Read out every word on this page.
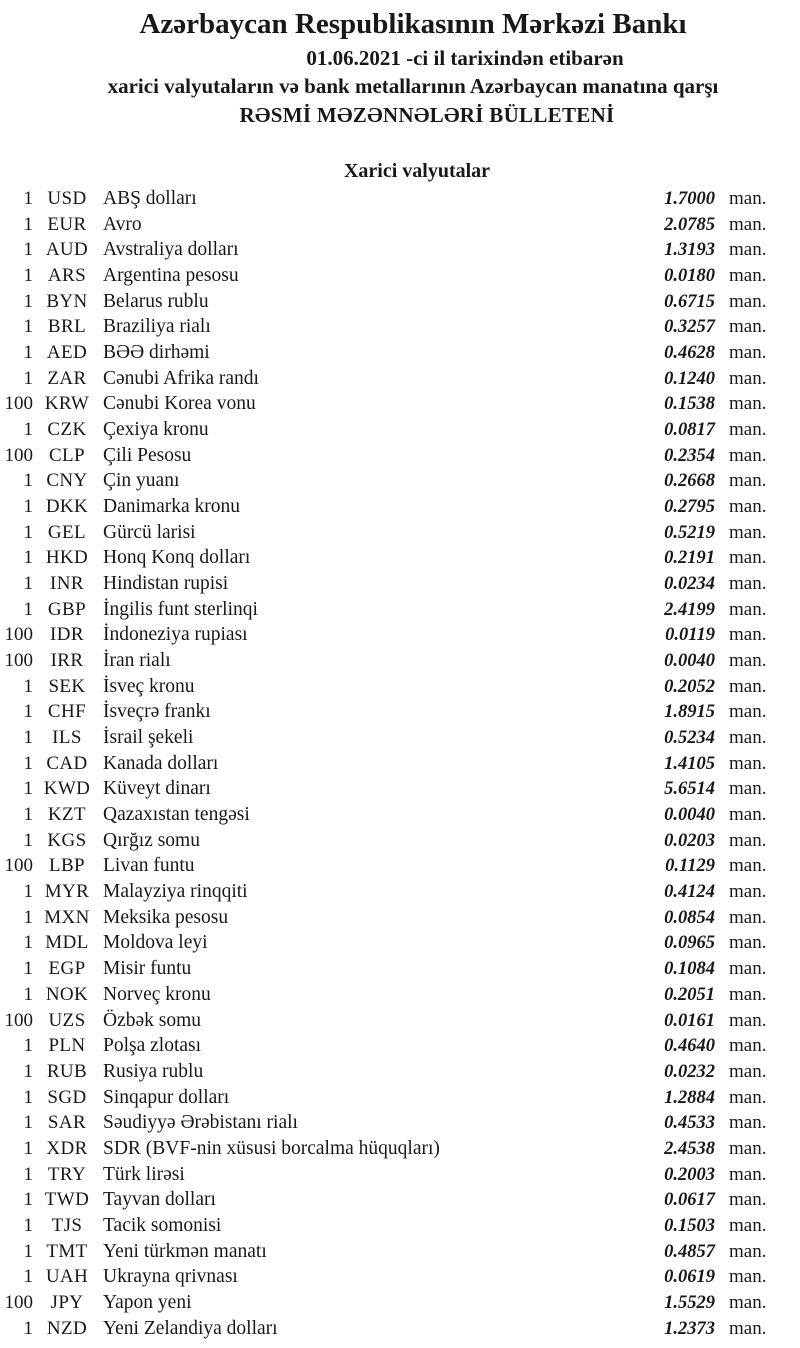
Azərbaycan Respublikasının Mərkəzi Bankı
01.06.2021 -ci il tarixindən etibarən
xarici valyutaların və bank metallarının Azərbaycan manatına qarşı
RƏSMİ MƏZƏNNƏLƏRİ BÜLLETENİ
Xarici valyutalar
1 USD ABŞ dolları	1.7000 man.
1 EUR Avro	2.0785 man.
1 AUD Avstraliya dolları	1.3193 man.
1 ARS Argentina pesosu	0.0180 man.
1 BYN Belarus rublu	0.6715 man.
1 BRL Braziliya rialı	0.3257 man.
1 AED BƏƏ dirhəmi	0.4628 man.
1 ZAR Cənubi Afrika randı	0.1240 man.
100 KRW Cənubi Korea vonu	0.1538 man.
1 CZK Çexiya kronu	0.0817 man.
100 CLP Çili Pesosu	0.2354 man.
1 CNY Çin yuanı	0.2668 man.
1 DKK Danimarka kronu	0.2795 man.
1 GEL Gürcü larisi	0.5219 man.
1 HKD Honq Konq dolları	0.2191 man.
1 INR Hindistan rupisi	0.0234 man.
1 GBP İngilis funt sterlinqi	2.4199 man.
100 IDR İndoneziya rupiası	0.0119 man.
100 IRR	İran rialı	0.0040 man.
1 SEK İsveç kronu	0.2052 man.
1 CHF İsveçrə frankı	1.8915 man.
1	ILS	İsrail şekeli	0.5234 man.
1 CAD Kanada dolları	1.4105 man.
1 KWD Küveyt dinarı	5.6514 man.
1 KZT Qazaxıstan tengəsi	0.0040 man.
1 KGS Qırğız somu	0.0203 man.
100 LBP Livan funtu	0.1129 man.
1 MYR Malayziya rinqqiti	0.4124 man.
1 MXN Meksika pesosu	0.0854 man.
1 MDL Moldova leyi	0.0965 man.
1 EGP Misir funtu	0.1084 man.
1 NOK Norveç kronu	0.2051 man.
100 UZS Özbək somu	0.0161 man.
1 PLN Polşa zlotası	0.4640 man.
1 RUB Rusiya rublu	0.0232 man.
1 SGD Sinqapur dolları	1.2884 man.
1 SAR Səudiyyə Ərəbistanı rialı	0.4533 man.
1 XDR SDR (BVF-nin xüsusi borcalma hüquqları)	2.4538 man.
1 TRY Türk lirəsi	0.2003 man.
1 TWD Tayvan dolları	0.0617 man.
1 TJS	Tacik somonisi	0.1503 man.
1 TMT Yeni türkmən manatı	0.4857 man.
1 UAH Ukrayna qrivnası	0.0619 man.
100 JPY	Yapon yeni	1.5529 man.
1 NZD Yeni Zelandiya dolları	1.2373 man.
